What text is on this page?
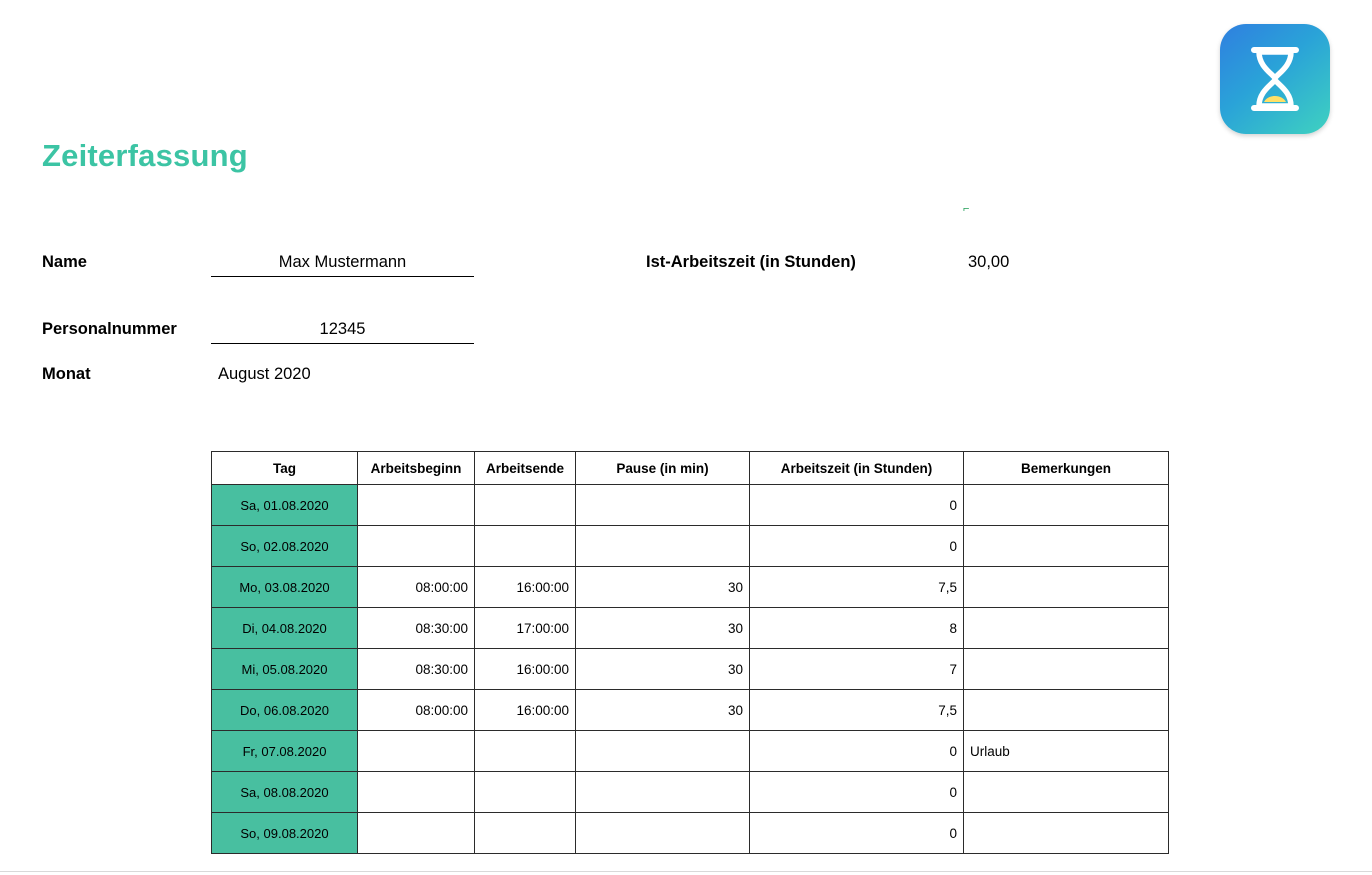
Zeiterfassung
⌐
Name	Max Mustermann
Personalnummer	12345
Monat	August 2020
Ist-Arbeitszeit (in Stunden)	30,00
Tag	Arbeitsbeginn	Arbeitsende	Pause (in min)	Arbeitszeit (in Stunden)	Bemerkungen
Sa, 01.08.2020				0	
So, 02.08.2020				0	
Mo, 03.08.2020	08:00:00	16:00:00	30	7,5	
Di, 04.08.2020	08:30:00	17:00:00	30	8	
Mi, 05.08.2020	08:30:00	16:00:00	30	7	
Do, 06.08.2020	08:00:00	16:00:00	30	7,5	
Fr, 07.08.2020				0	Urlaub
Sa, 08.08.2020				0	
So, 09.08.2020				0	
